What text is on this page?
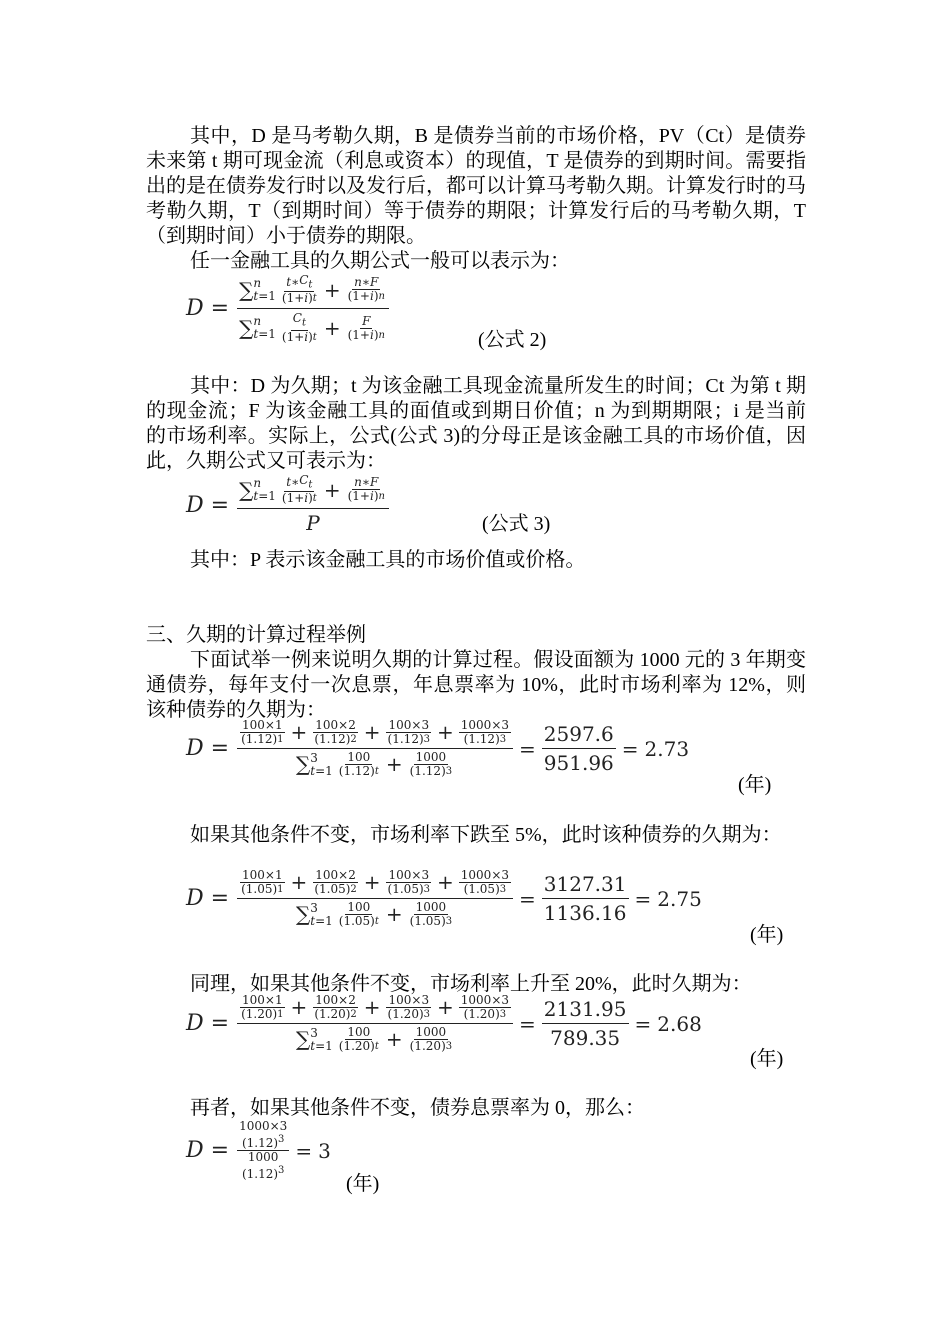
其中，D 是马考勒久期，B 是债券当前的市场价格，PV（Ct）是债券未来第 t 期可现金流（利息或资本）的现值，T 是债券的到期时间。需要指出的是在债券发行时以及发行后，都可以计算马考勒久期。计算发行时的马考勒久期，T（到期时间）等于债券的期限；计算发行后的马考勒久期，T（到期时间）小于债券的期限。

任一金融工具的久期公式一般可以表示为：

D = ∑ n
t=1
t ∗ $C_t$
(1+ i ) $t + \frac{n ∗ F}{(1+ i ) n}$
∑ n
t=1
$C_t$
(1+ i ) $t + \frac{F}{(1+ i ) n}$	(公式 2)

其中：D 为久期；t 为该金融工具现金流量所发生的时间；Ct 为第 t 期的现金流；F 为该金融工具的面值或到期日价值；n 为到期期限；i 是当前的市场利率。实际上，公式(公式 3)的分母正是该金融工具的市场价值，因此，久期公式又可表示为：

D =
∑ n
t=1
t ∗ $C_t$
(1+ i ) $t + \frac{n ∗ F}{(1+ i ) n}$
P	(公式 3)

其中：P 表示该金融工具的市场价值或价格。

三、久期的计算过程举例

下面试举一例来说明久期的计算过程。假设面额为 1000 元的 3 年期变通债券，每年支付一次息票，年息票率为 10%，此时市场利率为 12%，则该种债券的久期为：

D =
100×1
( 1.12 ) $1 + \frac{100\times 2}{( 1.12 ) 2} + \frac{100\times 3}{( 1.12 ) 3} + \frac{1000\times 3}{( 1.12 ) 3}$
∑ 3
t=1
100
( 1.12 ) $t + \frac{1000}{( 1.12 ) 3}$
= $\frac{2597.6}{951.96} = 2.73$
(年)

如果其他条件不变，市场利率下跌至 5%，此时该种债券的久期为：

D =
100×1
( 1.05 ) $1 + \frac{100\times 2}{( 1.05 ) 2} + \frac{100\times 3}{( 1.05 ) 3} + \frac{1000\times 3}{( 1.05 ) 3}$
∑ 3
t=1
100
( 1.05 ) $t + \frac{1000}{( 1.05 ) 3}$
= $\frac{3127.31}{1136.16} = 2.75$
(年)

同理，如果其他条件不变，市场利率上升至 20%，此时久期为：

D =
100×1
( 1.20 ) $1 + \frac{100\times 2}{( 1.20 ) 2} + \frac{100\times 3}{( 1.20 ) 3} + \frac{1000\times 3}{( 1.20 ) 3}$
∑ 3
t=1
100
( 1.20 ) $t + \frac{1000}{( 1.20 ) 3}$
= $\frac{2131.95}{789.35} = 2.68$
(年)

再者，如果其他条件不变，债券息票率为 0，那么：

D = 1000×3
$(1.12)^3$
1000
$(1.12)^3 = 3$
(年)
